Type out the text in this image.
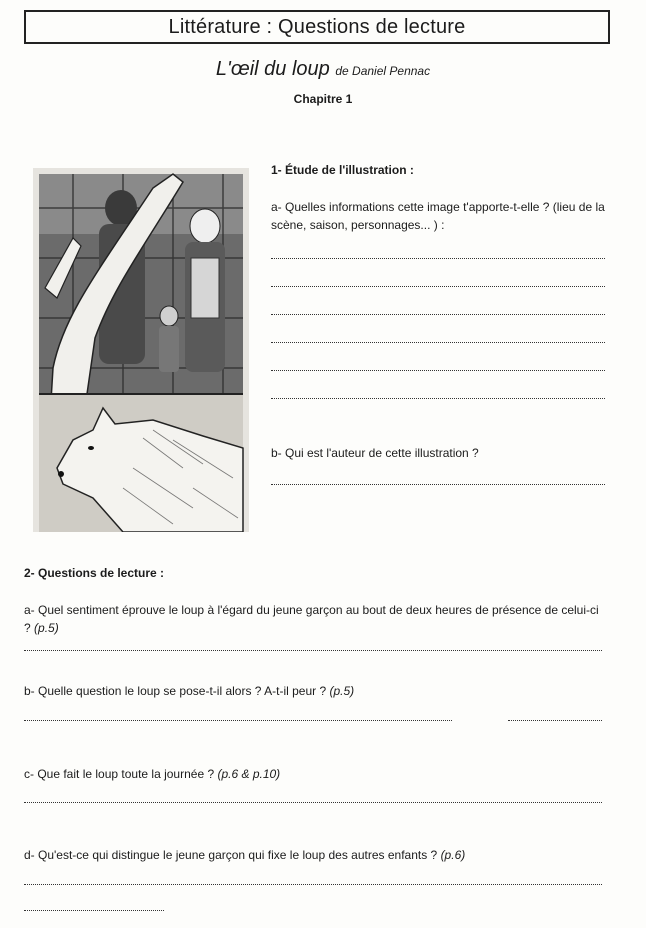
Littérature : Questions de lecture
L'œil du loup de Daniel Pennac
Chapitre 1
1- Étude de l'illustration :
a- Quelles informations cette image t'apporte-t-elle ? (lieu de la scène, saison, personnages... ) :
b- Qui est l'auteur de cette illustration ?
2- Questions de lecture :
a- Quel sentiment éprouve le loup à l'égard du jeune garçon au bout de deux heures de présence de celui-ci ? (p.5)
b- Quelle question le loup se pose-t-il alors ? A-t-il peur ? (p.5)
c- Que fait le loup toute la journée ? (p.6 & p.10)
d- Qu'est-ce qui distingue le jeune garçon qui fixe le loup des autres enfants ? (p.6)
